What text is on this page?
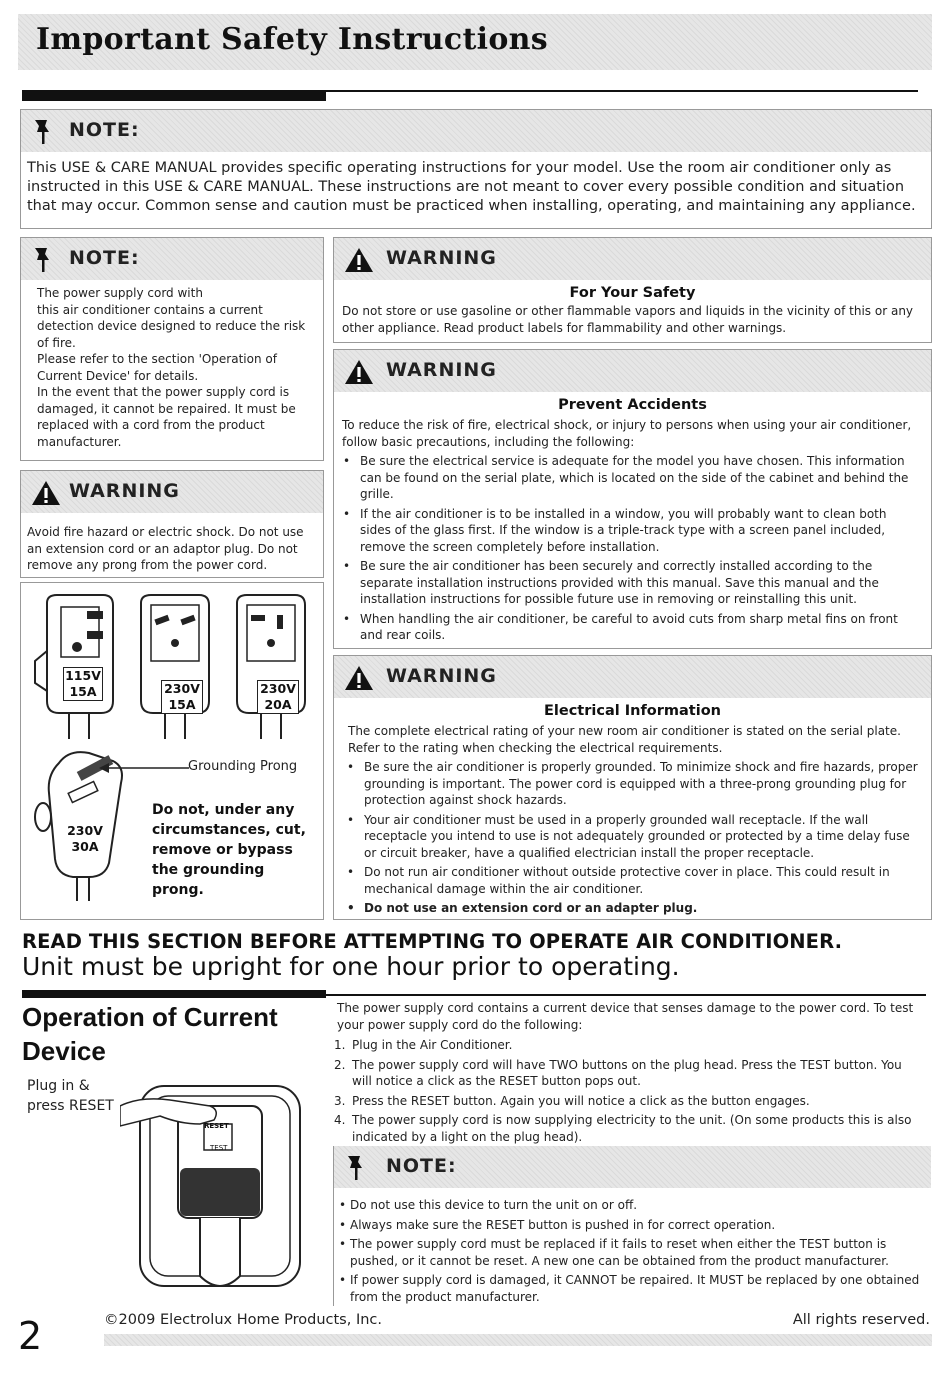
Important Safety Instructions
NOTE:
This USE & CARE MANUAL provides specific operating instructions for your model. Use the room air conditioner only as instructed in this USE & CARE MANUAL. These instructions are not meant to cover every possible condition and situation that may occur. Common sense and caution must be practiced when installing, operating, and maintaining any appliance.
NOTE:
The power supply cord with
this air conditioner contains a current detection device designed to reduce the risk of fire.
Please refer to the section 'Operation of Current Device' for details.
In the event that the power supply cord is damaged, it cannot be repaired. It must be replaced with a cord from the product manufacturer.
WARNING
Avoid fire hazard or electric shock. Do not use an extension cord or an adaptor plug. Do not remove any prong from the power cord.
115V
15A	230V
15A
230V
20A
230V
30A
Grounding Prong
Do not, under any circumstances, cut, remove or bypass the grounding prong.
WARNING
For Your Safety
Do not store or use gasoline or other flammable vapors and liquids in the vicinity of this or any other appliance. Read product labels for flammability and other warnings.
WARNING
Prevent Accidents
To reduce the risk of fire, electrical shock, or injury to persons when using your air conditioner, follow basic precautions, including the following:
• Be sure the electrical service is adequate for the model you have chosen. This information can be found on the serial plate, which is located on the side of the cabinet and behind the grille.
• If the air conditioner is to be installed in a window, you will probably want to clean both sides of the glass first. If the window is a triple-track type with a screen panel included, remove the screen completely before installation.
• Be sure the air conditioner has been securely and correctly installed according to the separate installation instructions provided with this manual. Save this manual and the installation instructions for possible future use in removing or reinstalling this unit.
• When handling the air conditioner, be careful to avoid cuts from sharp metal fins on front and rear coils.
WARNING
Electrical Information
The complete electrical rating of your new room air conditioner is stated on the serial plate. Refer to the rating when checking the electrical requirements.
• Be sure the air conditioner is properly grounded. To minimize shock and fire hazards, proper grounding is important. The power cord is equipped with a three-prong grounding plug for protection against shock hazards.
• Your air conditioner must be used in a properly grounded wall receptacle. If the wall receptacle you intend to use is not adequately grounded or protected by a time delay fuse or circuit breaker, have a qualified electrician install the proper receptacle.
• Do not run air conditioner without outside protective cover in place. This could result in mechanical damage within the air conditioner.
• Do not use an extension cord or an adapter plug.
READ THIS SECTION BEFORE ATTEMPTING TO OPERATE AIR CONDITIONER.
Unit must be upright for one hour prior to operating.
Operation of Current
Device
Plug in & press RESET
RESET
TEST
The power supply cord contains a current device that senses damage to the power cord. To test your power supply cord do the following:
1. Plug in the Air Conditioner.
2. The power supply cord will have TWO buttons on the plug head. Press the TEST button. You will notice a click as the RESET button pops out.
3. Press the RESET button. Again you will notice a click as the button engages.
4. The power supply cord is now supplying electricity to the unit. (On some products this is also indicated by a light on the plug head).
NOTE:
• Do not use this device to turn the unit on or off.
• Always make sure the RESET button is pushed in for correct operation.
• The power supply cord must be replaced if it fails to reset when either the TEST button is pushed, or it cannot be reset. A new one can be obtained from the product manufacturer.
• If power supply cord is damaged, it CANNOT be repaired. It MUST be replaced by one obtained from the product manufacturer.
2	©2009 Electrolux Home Products, Inc.	All rights reserved.
